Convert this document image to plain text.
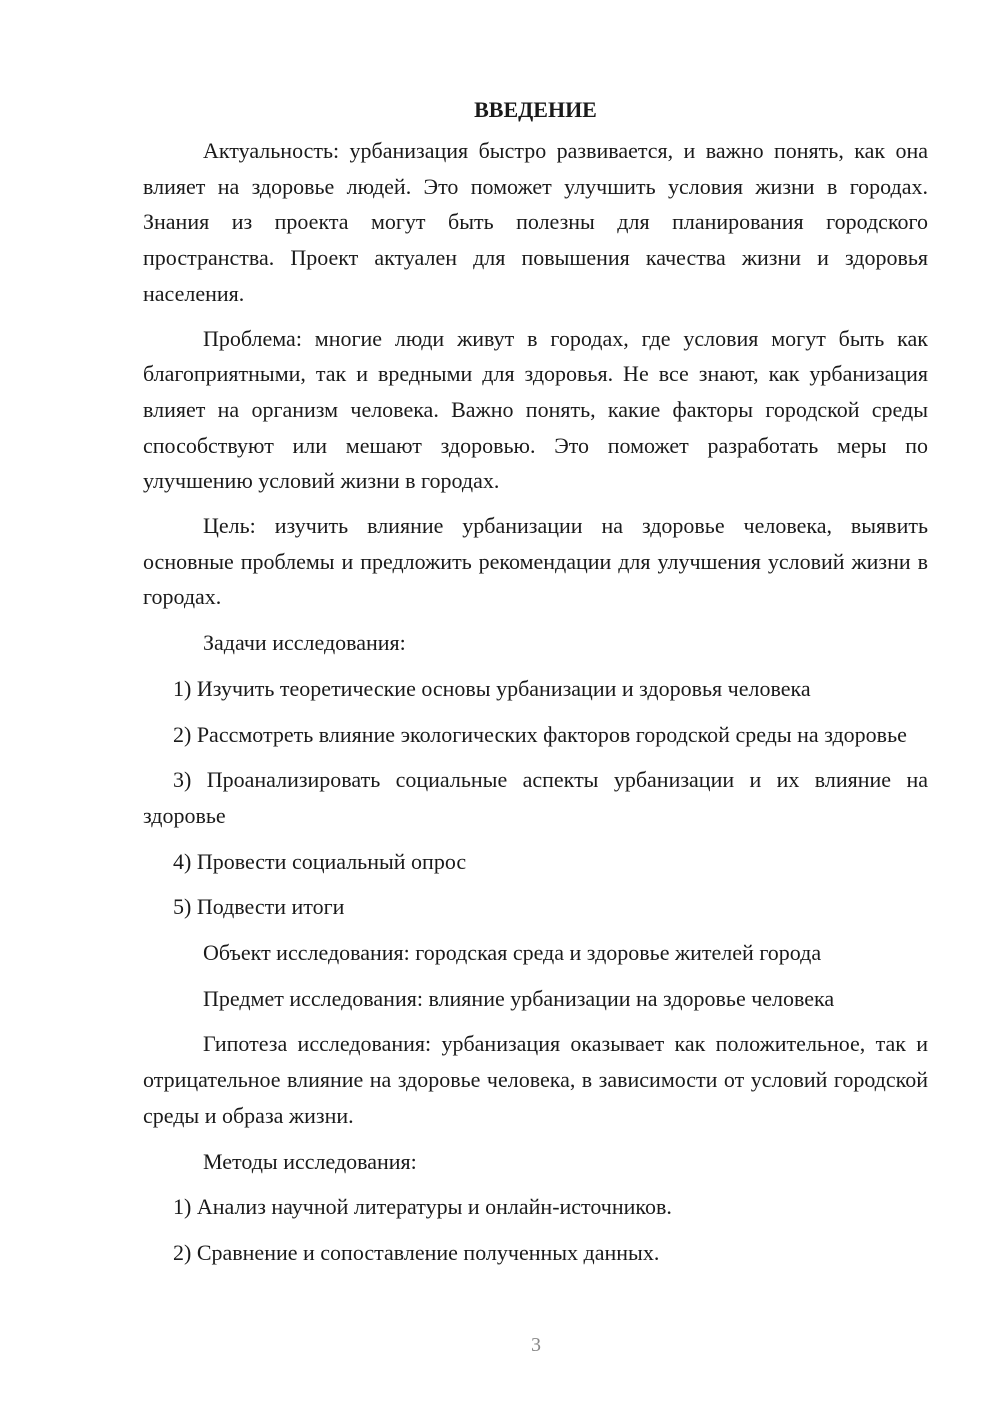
ВВЕДЕНИЕ

Актуальность: урбанизация быстро развивается, и важно понять, как она влияет на здоровье людей. Это поможет улучшить условия жизни в городах. Знания из проекта могут быть полезны для планирования городского пространства. Проект актуален для повышения качества жизни и здоровья населения.

Проблема: многие люди живут в городах, где условия могут быть как благоприятными, так и вредными для здоровья. Не все знают, как урбанизация влияет на организм человека. Важно понять, какие факторы городской среды способствуют или мешают здоровью. Это поможет разработать меры по улучшению условий жизни в городах.

Цель: изучить влияние урбанизации на здоровье человека, выявить основные проблемы и предложить рекомендации для улучшения условий жизни в городах.

Задачи исследования:

1) Изучить теоретические основы урбанизации и здоровья человека

2) Рассмотреть влияние экологических факторов городской среды на здоровье

3) Проанализировать социальные аспекты урбанизации и их влияние на здоровье

4) Провести социальный опрос

5) Подвести итоги

Объект исследования: городская среда и здоровье жителей города

Предмет исследования: влияние урбанизации на здоровье человека

Гипотеза исследования: урбанизация оказывает как положительное, так и отрицательное влияние на здоровье человека, в зависимости от условий городской среды и образа жизни.

Методы исследования:

1) Анализ научной литературы и онлайн-источников.

2) Сравнение и сопоставление полученных данных.

3
